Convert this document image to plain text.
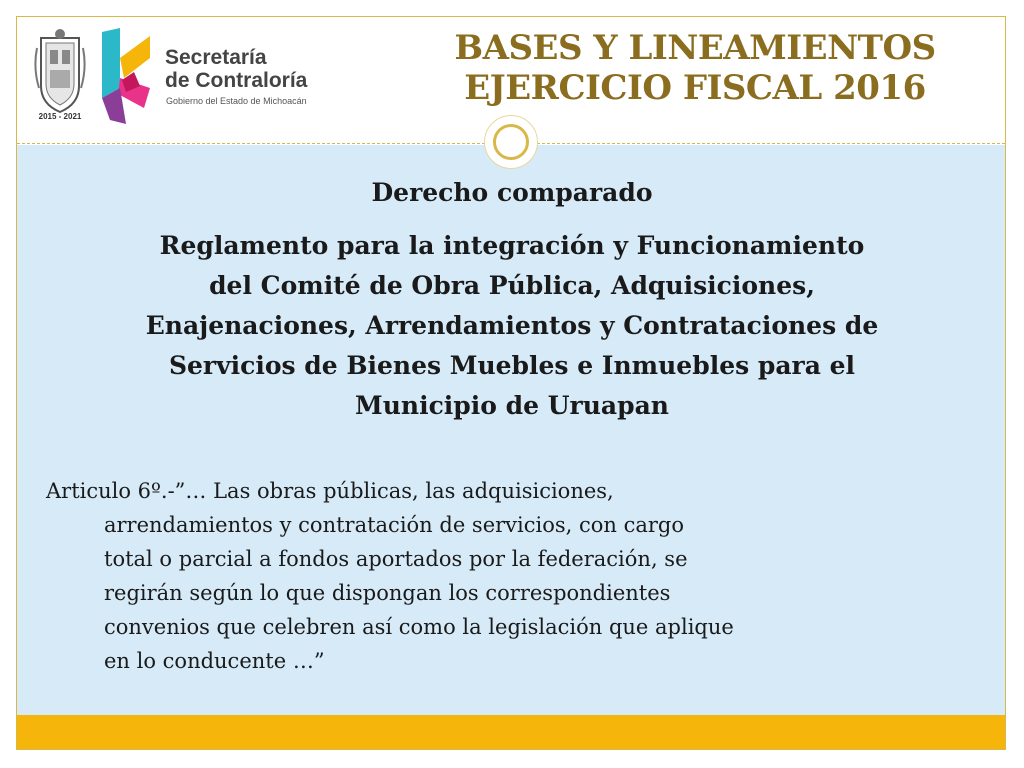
2015 - 2021
Secretaría
de Contraloría
Gobierno del Estado de Michoacán
BASES Y LINEAMIENTOS
EJERCICIO FISCAL 2016
Derecho comparado
Reglamento para la integración y Funcionamiento
del Comité de Obra Pública, Adquisiciones,
Enajenaciones, Arrendamientos y Contrataciones de
Servicios de Bienes Muebles e Inmuebles para el
Municipio de Uruapan
Articulo 6º.-”… Las obras públicas, las adquisiciones,
arrendamientos y contratación de servicios, con cargo
total o parcial a fondos aportados por la federación, se
regirán según lo que dispongan los correspondientes
convenios que celebren así como la legislación que aplique
en lo conducente …”
